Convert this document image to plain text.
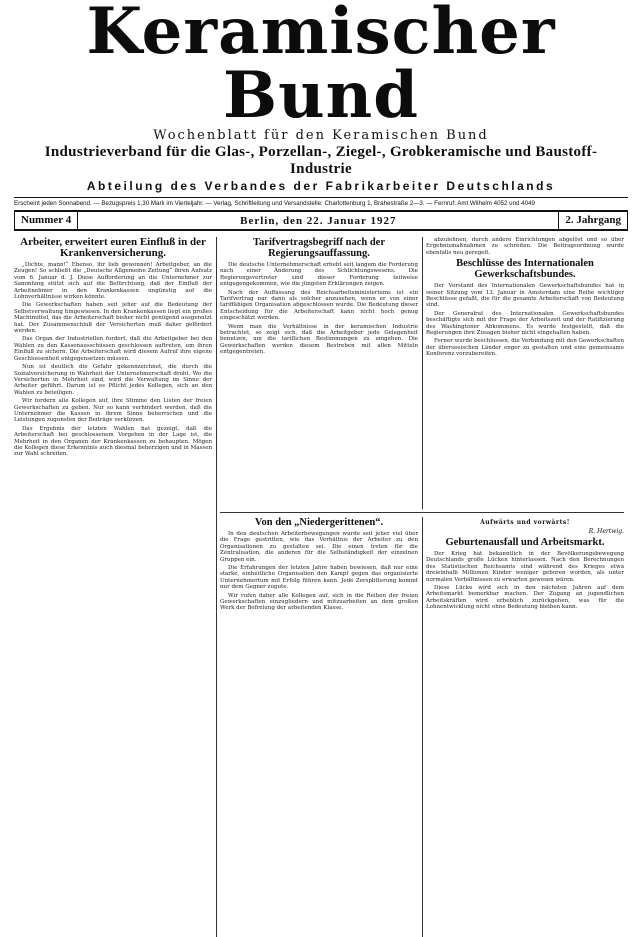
Keramischer Bund
Wochenblatt für den Keramischen Bund
Industrieverband für die Glas-, Porzellan-, Ziegel-, Grobkeramische und Baustoff-Industrie
Abteilung des Verbandes der Fabrikarbeiter Deutschlands
Erscheint jeden Sonnabend. — Bezugspreis 1,30 Mark im Vierteljahr. — Verlag, Schriftleitung und Versandstelle: Charlottenburg 1, Brahestraße 2—3. — Fernruf: Amt Wilhelm 4052 und 4049
Nummer 4	Berlin, den 22. Januar 1927	2. Jahrgang
Arbeiter, erweitert euren Einfluß in der Krankenversicherung.

„Dichte, mann!“ Ebenso, ihr lieb gewonnen! Arbeitgeber, an die Zeugen! So schließt die „Deutsche Allgemeine Zeitung“ ihren Aufsatz vom 6. Januar d. J. Diese Aufforderung an die Unternehmer zur Sammlung stützt sich auf die Befürchtung, daß der Einfluß der Arbeitnehmer in den Krankenkassen ungünstig auf die Lohnverhältnisse wirken könnte.

Die Gewerkschaften haben seit jeher auf die Bedeutung der Selbstverwaltung hingewiesen. In den Krankenkassen liegt ein großes Machtmittel, das die Arbeiterschaft bisher nicht genügend ausgenutzt hat. Der Zusammenschluß der Versicherten muß daher gefördert werden.

Das Organ der Industriellen fordert, daß die Arbeitgeber bei den Wahlen zu den Kassenausschüssen geschlossen auftreten, um ihren Einfluß zu sichern. Die Arbeiterschaft wird diesem Aufruf ihre eigene Geschlossenheit entgegensetzen müssen.

Nun ist deutlich die Gefahr gekennzeichnet, die durch die Sozialversicherung in Wahrheit der Unternehmerschaft droht. Wo die Versicherten in Mehrheit sind, wird die Verwaltung im Sinne der Arbeiter geführt. Darum ist es Pflicht jedes Kollegen, sich an den Wahlen zu beteiligen.

Wir fordern alle Kollegen auf, ihre Stimme den Listen der freien Gewerkschaften zu geben. Nur so kann verhindert werden, daß die Unternehmer die Kassen in ihrem Sinne beherrschen und die Leistungen zugunsten der Beiträge verkürzen.

Das Ergebnis der letzten Wahlen hat gezeigt, daß die Arbeiterschaft bei geschlossenem Vorgehen in der Lage ist, die Mehrheit in den Organen der Krankenkassen zu behaupten. Mögen die Kollegen diese Erkenntnis auch diesmal beherzigen und in Massen zur Wahl schreiten.

Tarifvertragsbegriff nach der Regierungsauffassung.

Die deutsche Unternehmerschaft erhebt seit langem die Forderung nach einer Änderung des Schlichtungswesens. Die Regierungsvertreter sind dieser Forderung teilweise entgegengekommen, wie die jüngsten Erklärungen zeigen.

Nach der Auffassung des Reichsarbeitsministeriums ist ein Tarifvertrag nur dann als solcher anzusehen, wenn er von einer tariffähigen Organisation abgeschlossen wurde. Die Bedeutung dieser Entscheidung für die Arbeiterschaft kann nicht hoch genug eingeschätzt werden.

Wenn man die Verhältnisse in der keramischen Industrie betrachtet, so zeigt sich, daß die Arbeitgeber jede Gelegenheit benutzen, um die tariflichen Bestimmungen zu umgehen. Die Gewerkschaften werden diesem Bestreben mit allen Mitteln entgegentreten.

abzulehnen, durch andere Einrichtungen abgelöst und so über Ergebnismaßnahmen zu schreiten. Die Beitragsordnung wurde ebenfalls neu geregelt.

Beschlüsse des Internationalen Gewerkschaftsbundes.

Der Vorstand des Internationalen Gewerkschaftsbundes hat in seiner Sitzung vom 13. Januar in Amsterdam eine Reihe wichtiger Beschlüsse gefaßt, die für die gesamte Arbeiterschaft von Bedeutung sind.

Der Generalrat des Internationalen Gewerkschaftsbundes beschäftigte sich mit der Frage der Arbeitszeit und der Ratifizierung des Washingtoner Abkommens. Es wurde festgestellt, daß die Regierungen ihre Zusagen bisher nicht eingehalten haben.

Ferner wurde beschlossen, die Verbindung mit den Gewerkschaften der überseeischen Länder enger zu gestalten und eine gemeinsame Konferenz vorzubereiten.

Von den „Niedergerittenen“.

In den deutschen Arbeiterbewegungen wurde seit jeher viel über die Frage gestritten, wie das Verhältnis der Arbeiter zu den Organisationen zu gestalten sei. Die einen treten für die Zentralisation, die anderen für die Selbständigkeit der einzelnen Gruppen ein.

Die Erfahrungen der letzten Jahre haben bewiesen, daß nur eine starke, einheitliche Organisation den Kampf gegen das organisierte Unternehmertum mit Erfolg führen kann. Jede Zersplitterung kommt nur dem Gegner zugute.

Wir rufen daher alle Kollegen auf, sich in die Reihen der freien Gewerkschaften einzugliedern und mitzuarbeiten an dem großen Werk der Befreiung der arbeitenden Klasse.

Aufwärts und vorwärts!
R. Hertwig.
Geburtenausfall und Arbeitsmarkt.

Der Krieg hat bekanntlich in der Bevölkerungsbewegung Deutschlands große Lücken hinterlassen. Nach den Berechnungen des Statistischen Reichsamts sind während des Krieges etwa dreieinhalb Millionen Kinder weniger geboren worden, als unter normalen Verhältnissen zu erwarten gewesen wären.

Diese Lücke wird sich in den nächsten Jahren auf dem Arbeitsmarkt bemerkbar machen. Der Zugang an jugendlichen Arbeitskräften wird erheblich zurückgehen, was für die Lohnentwicklung nicht ohne Bedeutung bleiben kann.
